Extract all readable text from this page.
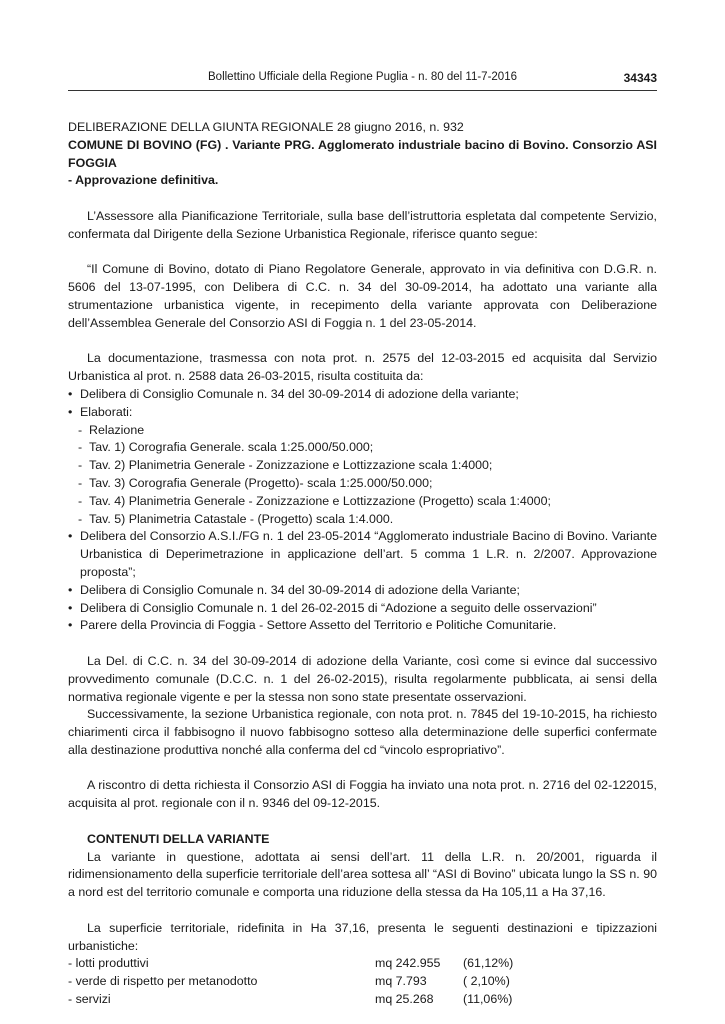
Bollettino Ufficiale della Regione Puglia - n. 80 del 11-7-2016	34343

DELIBERAZIONE DELLA GIUNTA REGIONALE 28 giugno 2016, n. 932

COMUNE DI BOVINO (FG) . Variante PRG. Agglomerato industriale bacino di Bovino. Consorzio ASI FOGGIA

- Approvazione definitiva.

L’Assessore alla Pianificazione Territoriale, sulla base dell’istruttoria espletata dal competente Servizio, confermata dal Dirigente della Sezione Urbanistica Regionale, riferisce quanto segue:

“Il Comune di Bovino, dotato di Piano Regolatore Generale, approvato in via definitiva con D.G.R. n. 5606 del 13-07-1995, con Delibera di C.C. n. 34 del 30-09-2014, ha adottato una variante alla strumentazione urbanistica vigente, in recepimento della variante approvata con Deliberazione dell’Assemblea Generale del Consorzio ASI di Foggia n. 1 del 23-05-2014.

La documentazione, trasmessa con nota prot. n. 2575 del 12-03-2015 ed acquisita dal Servizio Urbanistica al prot. n. 2588 data 26-03-2015, risulta costituita da:

• Delibera di Consiglio Comunale n. 34 del 30-09-2014 di adozione della variante;
• Elaborati:
- Relazione
- Tav. 1) Corografia Generale. scala 1:25.000/50.000;
- Tav. 2) Planimetria Generale - Zonizzazione e Lottizzazione scala 1:4000;
- Tav. 3) Corografia Generale (Progetto)- scala 1:25.000/50.000;
- Tav. 4) Planimetria Generale - Zonizzazione e Lottizzazione (Progetto) scala 1:4000;
- Tav. 5) Planimetria Catastale - (Progetto) scala 1:4.000.
• Delibera del Consorzio A.S.I./FG n. 1 del 23-05-2014 “Agglomerato industriale Bacino di Bovino. Variante Urbanistica di Deperimetrazione in applicazione dell’art. 5 comma 1 L.R. n. 2/2007. Approvazione proposta”;
• Delibera di Consiglio Comunale n. 34 del 30-09-2014 di adozione della Variante;
• Delibera di Consiglio Comunale n. 1 del 26-02-2015 di “Adozione a seguito delle osservazioni”
• Parere della Provincia di Foggia - Settore Assetto del Territorio e Politiche Comunitarie.

La Del. di C.C. n. 34 del 30-09-2014 di adozione della Variante, così come si evince dal successivo provvedimento comunale (D.C.C. n. 1 del 26-02-2015), risulta regolarmente pubblicata, ai sensi della normativa regionale vigente e per la stessa non sono state presentate osservazioni.

Successivamente, la sezione Urbanistica regionale, con nota prot. n. 7845 del 19-10-2015, ha richiesto chiarimenti circa il fabbisogno il nuovo fabbisogno sotteso alla determinazione delle superfici confermate alla destinazione produttiva nonché alla conferma del cd “vincolo espropriativo”.

A riscontro di detta richiesta il Consorzio ASI di Foggia ha inviato una nota prot. n. 2716 del 02-122015, acquisita al prot. regionale con il n. 9346 del 09-12-2015.

CONTENUTI DELLA VARIANTE

La variante in questione, adottata ai sensi dell’art. 11 della L.R. n. 20/2001, riguarda il ridimensionamento della superficie territoriale dell’area sottesa all’ “ASI di Bovino” ubicata lungo la SS n. 90 a nord est del territorio comunale e comporta una riduzione della stessa da Ha 105,11 a Ha 37,16.

La superficie territoriale, ridefinita in Ha 37,16, presenta le seguenti destinazioni e tipizzazioni urbanistiche:

- lotti produttivi	mq 242.955 (61,12%)
- verde di rispetto per metanodotto	mq 7.793	( 2,10%)
- servizi	mq 25.268 (11,06%)
